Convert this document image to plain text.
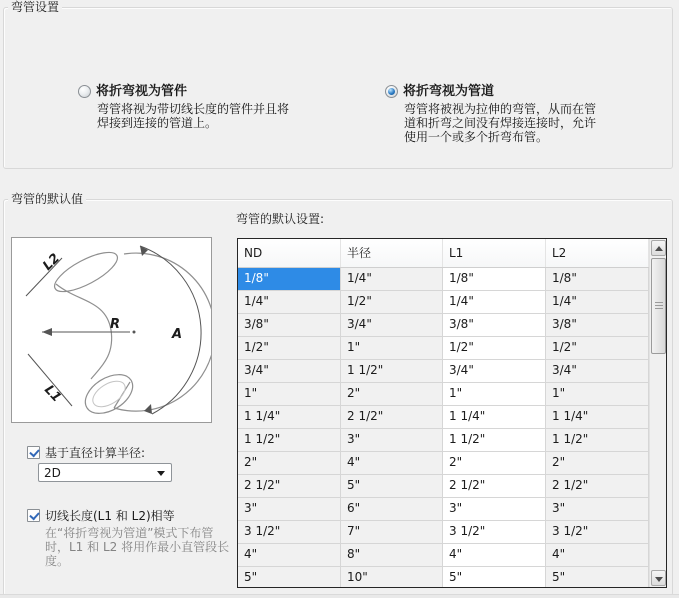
弯管设置
将折弯视为管件
弯管将视为带切线长度的管件并且将焊接到连接的管道上。
将折弯视为管道
弯管将被视为拉伸的弯管，从而在管道和折弯之间没有焊接连接时，允许使用一个或多个折弯布管。
弯管的默认值
L2
R
A
L1
基于直径计算半径:
2D
切线长度(L1 和 L2)相等
在“将折弯视为管道”模式下布管时，L1 和 L2 将用作最小直管段长度。
弯管的默认设置:
ND	半径	L1	L2
1/8"	1/4"	1/8"	1/8"
1/4"	1/2"	1/4"	1/4"
3/8"	3/4"	3/8"	3/8"
1/2"	1"	1/2"	1/2"
3/4"	1 1/2"	3/4"	3/4"
1"	2"	1"	1"
1 1/4"	2 1/2"	1 1/4"	1 1/4"
1 1/2"	3"	1 1/2"	1 1/2"
2"	4"	2"	2"
2 1/2"	5"	2 1/2"	2 1/2"
3"	6"	3"	3"
3 1/2"	7"	3 1/2"	3 1/2"
4"	8"	4"	4"
5"	10"	5"	5"
